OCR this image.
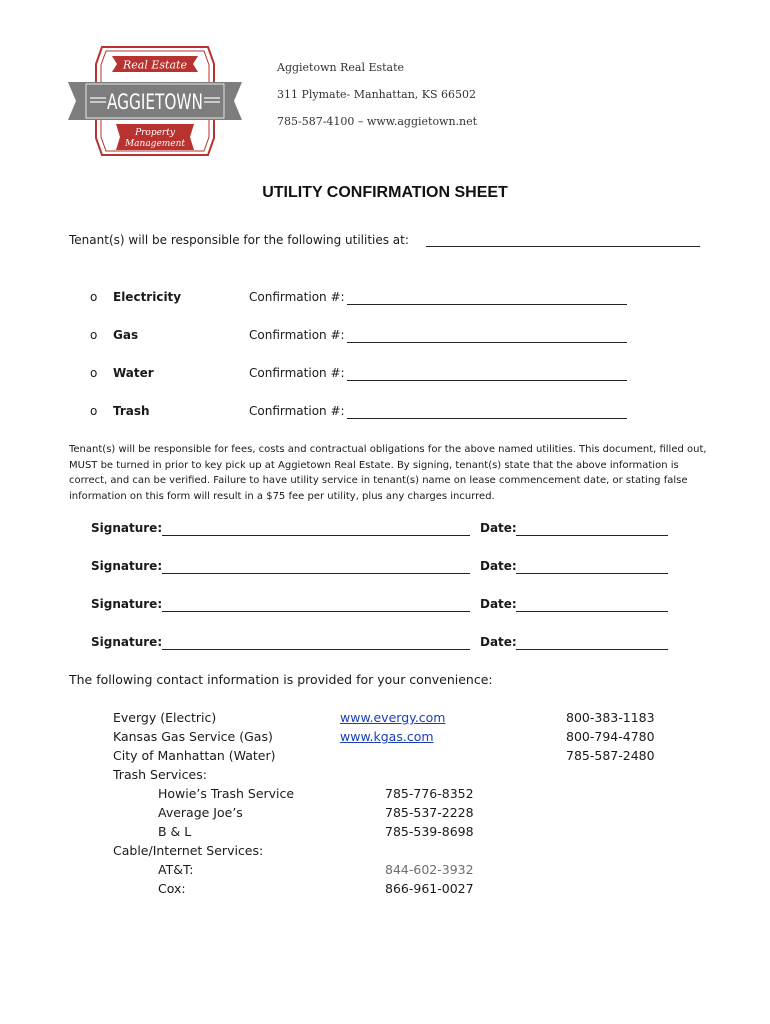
Real Estate
AGGIETOWN
Property
Management
Aggietown Real Estate
311 Plymate- Manhattan, KS 66502
785-587-4100 – www.aggietown.net
UTILITY CONFIRMATION SHEET
Tenant(s) will be responsible for the following utilities at:
o Electricity	Confirmation #:
o Gas	Confirmation #:
o Water	Confirmation #:
o Trash	Confirmation #:

Tenant(s) will be responsible for fees, costs and contractual obligations for the above named utilities. This document, filled out, MUST be turned in prior to key pick up at Aggietown Real Estate. By signing, tenant(s) state that the above information is correct, and can be verified. Failure to have utility service in tenant(s) name on lease commencement date, or stating false information on this form will result in a $75 fee per utility, plus any charges incurred.

Signature:	Date:
Signature:	Date:
Signature:	Date:
Signature:	Date:
The following contact information is provided for your convenience:
Evergy (Electric)	www.evergy.com	800-383-1183
Kansas Gas Service (Gas)	www.kgas.com	800-794-4780
City of Manhattan (Water)	785-587-2480
Trash Services:
Howie’s Trash Service	785-776-8352
Average Joe’s	785-537-2228
B & L	785-539-8698
Cable/Internet Services:
AT&T:	844-602-3932
Cox:	866-961-0027
